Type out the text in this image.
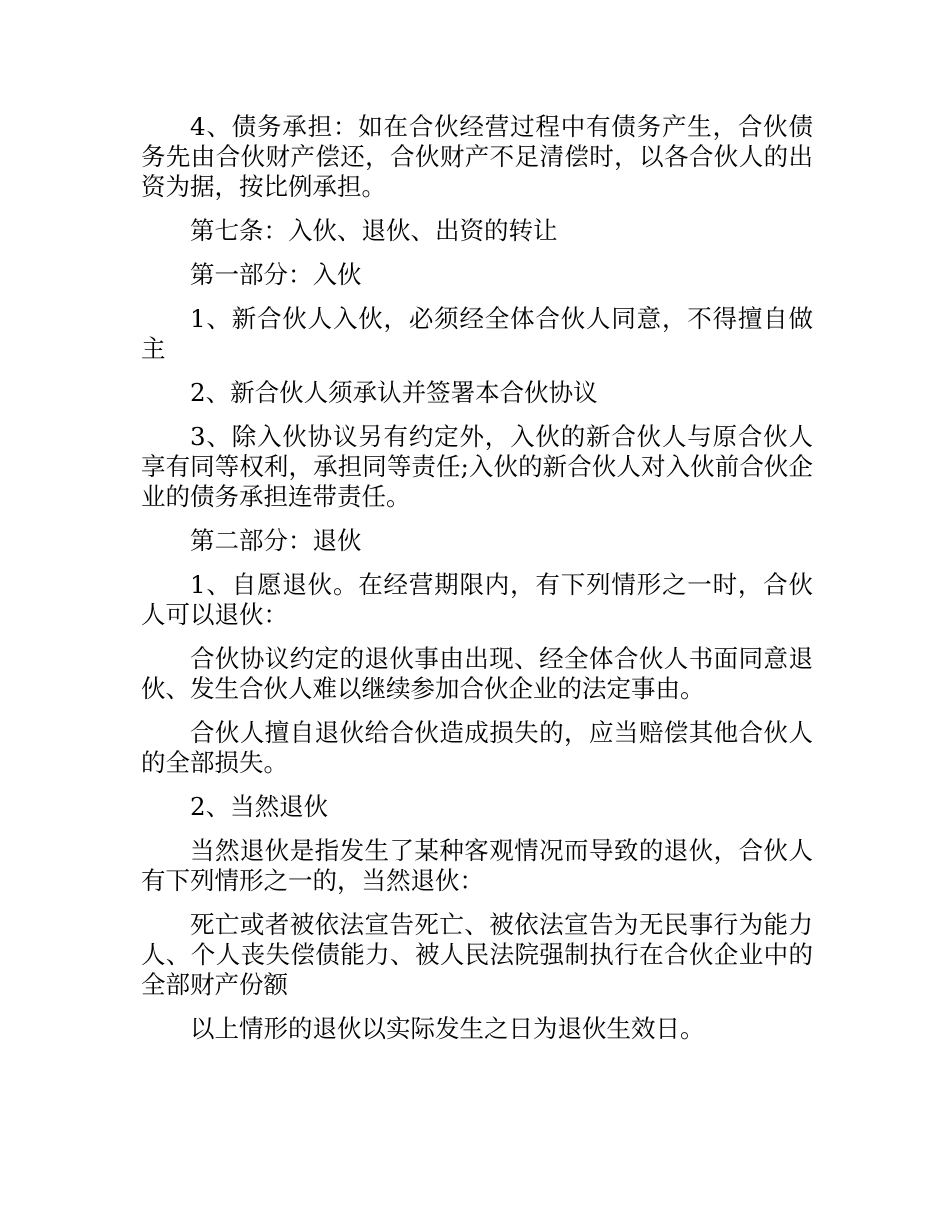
4、债务承担：如在合伙经营过程中有债务产生，合伙债务先由合伙财产偿还，合伙财产不足清偿时，以各合伙人的出资为据，按比例承担。

第七条：入伙、退伙、出资的转让

第一部分：入伙

1、新合伙人入伙，必须经全体合伙人同意，不得擅自做主

2、新合伙人须承认并签署本合伙协议

3、除入伙协议另有约定外，入伙的新合伙人与原合伙人享有同等权利，承担同等责任;入伙的新合伙人对入伙前合伙企业的债务承担连带责任。

第二部分：退伙

1、自愿退伙。在经营期限内，有下列情形之一时，合伙人可以退伙：

合伙协议约定的退伙事由出现、经全体合伙人书面同意退伙、发生合伙人难以继续参加合伙企业的法定事由。

合伙人擅自退伙给合伙造成损失的，应当赔偿其他合伙人的全部损失。

2、当然退伙

当然退伙是指发生了某种客观情况而导致的退伙，合伙人有下列情形之一的，当然退伙：

死亡或者被依法宣告死亡、被依法宣告为无民事行为能力人、个人丧失偿债能力、被人民法院强制执行在合伙企业中的全部财产份额

以上情形的退伙以实际发生之日为退伙生效日。
